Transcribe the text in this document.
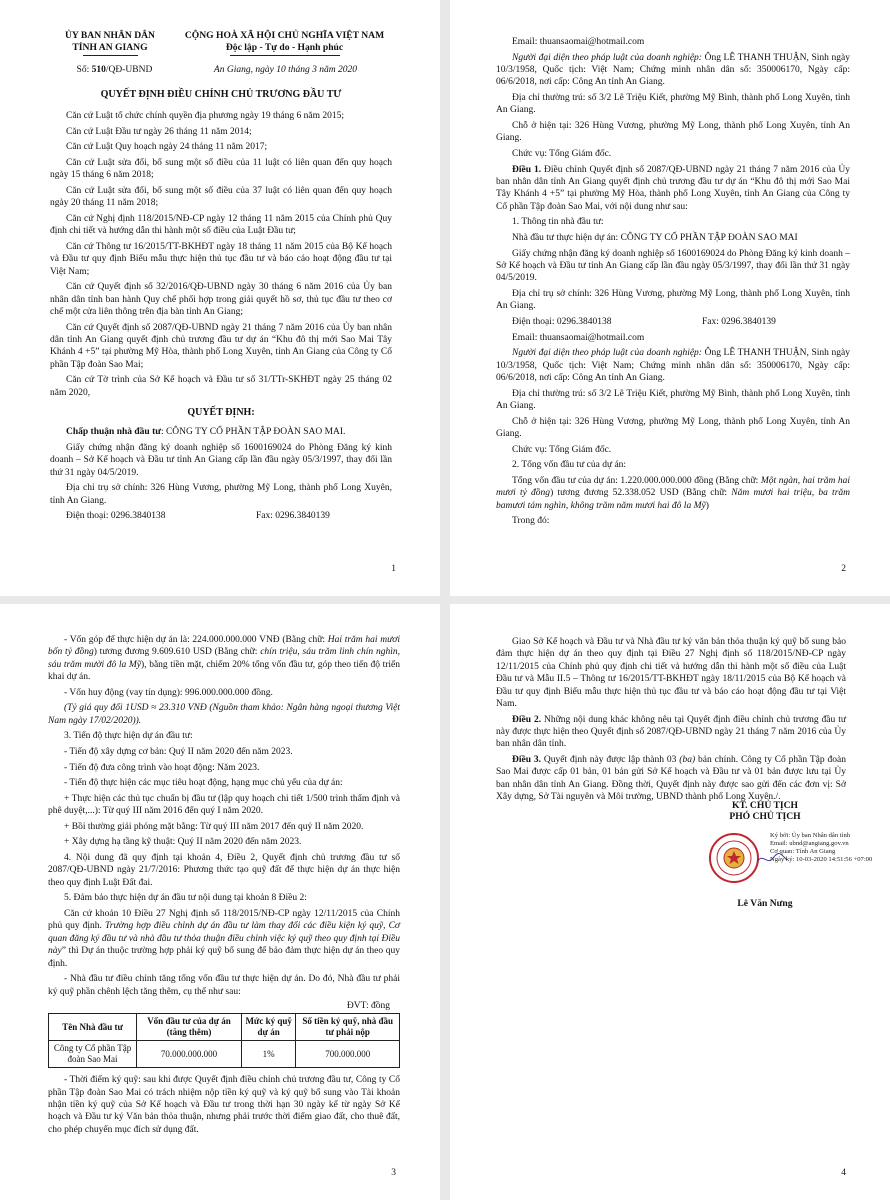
ỦY BAN NHÂN DÂN
TỈNH AN GIANG
CỘNG HOÀ XÃ HỘI CHỦ NGHĨA VIỆT NAM
Độc lập - Tự do - Hạnh phúc
Số: 510/QĐ-UBND	An Giang, ngày 10 tháng 3 năm 2020
QUYẾT ĐỊNH ĐIỀU CHỈNH CHỦ TRƯƠNG ĐẦU TƯ

Căn cứ Luật tổ chức chính quyền địa phương ngày 19 tháng 6 năm 2015;

Căn cứ Luật Đầu tư ngày 26 tháng 11 năm 2014;

Căn cứ Luật Quy hoạch ngày 24 tháng 11 năm 2017;

Căn cứ Luật sửa đổi, bổ sung một số điều của 11 luật có liên quan đến quy hoạch ngày 15 tháng 6 năm 2018;

Căn cứ Luật sửa đổi, bổ sung một số điều của 37 luật có liên quan đến quy hoạch ngày 20 tháng 11 năm 2018;

Căn cứ Nghị định 118/2015/NĐ-CP ngày 12 tháng 11 năm 2015 của Chính phủ Quy định chi tiết và hướng dẫn thi hành một số điều của Luật Đầu tư;

Căn cứ Thông tư 16/2015/TT-BKHĐT ngày 18 tháng 11 năm 2015 của Bộ Kế hoạch và Đầu tư quy định Biểu mẫu thực hiện thủ tục đầu tư và báo cáo hoạt động đầu tư tại Việt Nam;

Căn cứ Quyết định số 32/2016/QĐ-UBND ngày 30 tháng 6 năm 2016 của Ủy ban nhân dân tỉnh ban hành Quy chế phối hợp trong giải quyết hồ sơ, thủ tục đầu tư theo cơ chế một cửa liên thông trên địa bàn tỉnh An Giang;

Căn cứ Quyết định số 2087/QĐ-UBND ngày 21 tháng 7 năm 2016 của Ủy ban nhân dân tỉnh An Giang quyết định chủ trương đầu tư dự án “Khu đô thị mới Sao Mai Tây Khánh 4 +5” tại phường Mỹ Hòa, thành phố Long Xuyên, tỉnh An Giang của Công ty Cổ phần Tập đoàn Sao Mai;

Căn cứ Tờ trình của Sở Kế hoạch và Đầu tư số 31/TTr-SKHĐT ngày 25 tháng 02 năm 2020,

QUYẾT ĐỊNH:

Chấp thuận nhà đầu tư: CÔNG TY CỔ PHẦN TẬP ĐOÀN SAO MAI.

Giấy chứng nhận đăng ký doanh nghiệp số 1600169024 do Phòng Đăng ký kinh doanh – Sở Kế hoạch và Đầu tư tỉnh An Giang cấp lần đầu ngày 05/3/1997, thay đổi lần thứ 31 ngày 04/5/2019.

Địa chỉ trụ sở chính: 326 Hùng Vương, phường Mỹ Long, thành phố Long Xuyên, tỉnh An Giang.

Điện thoại: 0296.3840138	Fax: 0296.3840139
1

Email: thuansaomai@hotmail.com

Người đại diện theo pháp luật của doanh nghiệp: Ông LÊ THANH THUẬN, Sinh ngày 10/3/1958, Quốc tịch: Việt Nam; Chứng minh nhân dân số: 350006170, Ngày cấp: 06/6/2018, nơi cấp: Công An tỉnh An Giang.

Địa chỉ thường trú: số 3/2 Lê Triệu Kiết, phường Mỹ Bình, thành phố Long Xuyên, tỉnh An Giang.

Chỗ ở hiện tại: 326 Hùng Vương, phường Mỹ Long, thành phố Long Xuyên, tỉnh An Giang.

Chức vụ: Tổng Giám đốc.

Điều 1. Điều chỉnh Quyết định số 2087/QĐ-UBND ngày 21 tháng 7 năm 2016 của Ủy ban nhân dân tỉnh An Giang quyết định chủ trương đầu tư dự án “Khu đô thị mới Sao Mai Tây Khánh 4 +5” tại phường Mỹ Hòa, thành phố Long Xuyên, tỉnh An Giang của Công ty Cổ phần Tập đoàn Sao Mai, với nội dung như sau:

1. Thông tin nhà đầu tư:

Nhà đầu tư thực hiện dự án: CÔNG TY CỔ PHẦN TẬP ĐOÀN SAO MAI

Giấy chứng nhận đăng ký doanh nghiệp số 1600169024 do Phòng Đăng ký kinh doanh – Sở Kế hoạch và Đầu tư tỉnh An Giang cấp lần đầu ngày 05/3/1997, thay đổi lần thứ 31 ngày 04/5/2019.

Địa chỉ trụ sở chính: 326 Hùng Vương, phường Mỹ Long, thành phố Long Xuyên, tỉnh An Giang.

Điện thoại: 0296.3840138	Fax: 0296.3840139

Email: thuansaomai@hotmail.com

Người đại diện theo pháp luật của doanh nghiệp: Ông LÊ THANH THUẬN, Sinh ngày 10/3/1958, Quốc tịch: Việt Nam; Chứng minh nhân dân số: 350006170, Ngày cấp: 06/6/2018, nơi cấp: Công An tỉnh An Giang.

Địa chỉ thường trú: số 3/2 Lê Triệu Kiết, phường Mỹ Bình, thành phố Long Xuyên, tỉnh An Giang.

Chỗ ở hiện tại: 326 Hùng Vương, phường Mỹ Long, thành phố Long Xuyên, tỉnh An Giang.

Chức vụ: Tổng Giám đốc.

2. Tổng vốn đầu tư của dự án:

Tổng vốn đầu tư của dự án: 1.220.000.000.000 đồng (Bằng chữ: Một ngàn, hai trăm hai mươi tỷ đồng) tương đương 52.338.052 USD (Bằng chữ: Năm mươi hai triệu, ba trăm bamươi tám nghìn, không trăm năm mươi hai đô la Mỹ)

Trong đó:

2

- Vốn góp để thực hiện dự án là: 224.000.000.000 VNĐ (Bằng chữ: Hai trăm hai mươi bốn tỷ đồng) tương đương 9.609.610 USD (Bằng chữ: chín triệu, sáu trăm linh chín nghìn, sáu trăm mười đô la Mỹ), bằng tiền mặt, chiếm 20% tổng vốn đầu tư, góp theo tiến độ triển khai dự án.

- Vốn huy động (vay tín dụng): 996.000.000.000 đồng.

(Tỷ giá quy đổi 1USD ≈ 23.310 VNĐ (Nguồn tham khảo: Ngân hàng ngoại thương Việt Nam ngày 17/02/2020)).

3. Tiến độ thực hiện dự án đầu tư:

- Tiến độ xây dựng cơ bản: Quý II năm 2020 đến năm 2023.

- Tiến độ đưa công trình vào hoạt động: Năm 2023.

- Tiến độ thực hiện các mục tiêu hoạt động, hạng mục chủ yếu của dự án:

+ Thực hiện các thủ tục chuẩn bị đầu tư (lập quy hoạch chi tiết 1/500 trình thẩm định và phê duyệt,...): Từ quý III năm 2016 đến quý I năm 2020.

+ Bồi thường giải phóng mặt bằng: Từ quý III năm 2017 đến quý II năm 2020.

+ Xây dựng hạ tầng kỹ thuật: Quý II năm 2020 đến năm 2023.

4. Nội dung đã quy định tại khoản 4, Điều 2, Quyết định chủ trương đầu tư số 2087/QĐ-UBND ngày 21/7/2016: Phương thức tạo quỹ đất để thực hiện dự án thực hiện theo quy định Luật Đất đai.

5. Đảm bảo thực hiện dự án đầu tư nội dung tại khoản 8 Điều 2:

Căn cứ khoản 10 Điều 27 Nghị định số 118/2015/NĐ-CP ngày 12/11/2015 của Chính phủ quy định. Trường hợp điều chỉnh dự án đầu tư làm thay đổi các điều kiện ký quỹ, Cơ quan đăng ký đầu tư và nhà đầu tư thỏa thuận điều chỉnh việc ký quỹ theo quy định tại Điều này” thì Dự án thuộc trường hợp phải ký quỹ bổ sung để bảo đảm thực hiện dự án theo quy định.

- Nhà đầu tư điều chỉnh tăng tổng vốn đầu tư thực hiện dự án. Do đó, Nhà đầu tư phải ký quỹ phần chênh lệch tăng thêm, cụ thể như sau:

ĐVT: đồng
Tên Nhà đầu tư	Vốn đầu tư của dự án (tăng thêm)	Mức ký quỹ dự án	Số tiền ký quỹ, nhà đầu tư phải nộp
Công ty Cổ phần Tập đoàn Sao Mai	70.000.000.000	1%	700.000.000

- Thời điểm ký quỹ: sau khi được Quyết định điều chỉnh chủ trương đầu tư, Công ty Cổ phần Tập đoàn Sao Mai có trách nhiệm nộp tiền ký quỹ và ký quỹ bổ sung vào Tài khoản nhận tiền ký quỹ của Sở Kế hoạch và Đầu tư trong thời hạn 30 ngày kể từ ngày Sở Kế hoạch và Đầu tư ký Văn bản thỏa thuận, nhưng phải trước thời điểm giao đất, cho thuê đất, cho phép chuyển mục đích sử dụng đất.

3

Giao Sở Kế hoạch và Đầu tư và Nhà đầu tư ký văn bản thỏa thuận ký quỹ bổ sung bảo đảm thực hiện dự án theo quy định tại Điều 27 Nghị định số 118/2015/NĐ-CP ngày 12/11/2015 của Chính phủ quy định chi tiết và hướng dẫn thi hành một số điều của Luật Đầu tư và Mẫu II.5 – Thông tư 16/2015/TT-BKHĐT ngày 18/11/2015 của Bộ Kế hoạch và Đầu tư quy định Biểu mẫu thực hiện thủ tục đầu tư và báo cáo hoạt động đầu tư tại Việt Nam.

Điều 2. Những nội dung khác không nêu tại Quyết định điều chỉnh chủ trương đầu tư này được thực hiện theo Quyết định số 2087/QĐ-UBND ngày 21 tháng 7 năm 2016 của Ủy ban nhân dân tỉnh.

Điều 3. Quyết định này được lập thành 03 (ba) bản chính. Công ty Cổ phần Tập đoàn Sao Mai được cấp 01 bản, 01 bản gửi Sở Kế hoạch và Đầu tư và 01 bản được lưu tại Ủy ban nhân dân tỉnh An Giang. Đồng thời, Quyết định này được sao gửi đến các đơn vị: Sở Xây dựng, Sở Tài nguyên và Môi trường, UBND thành phố Long Xuyên./.

KT. CHỦ TỊCH
PHÓ CHỦ TỊCH
Ký bởi: Ủy ban Nhân dân tỉnh
Email: ubnd@angiang.gov.vn
Cơ quan: Tỉnh An Giang
Ngày ký: 10-03-2020 14:51:56 +07:00
Lê Văn Nưng
4
